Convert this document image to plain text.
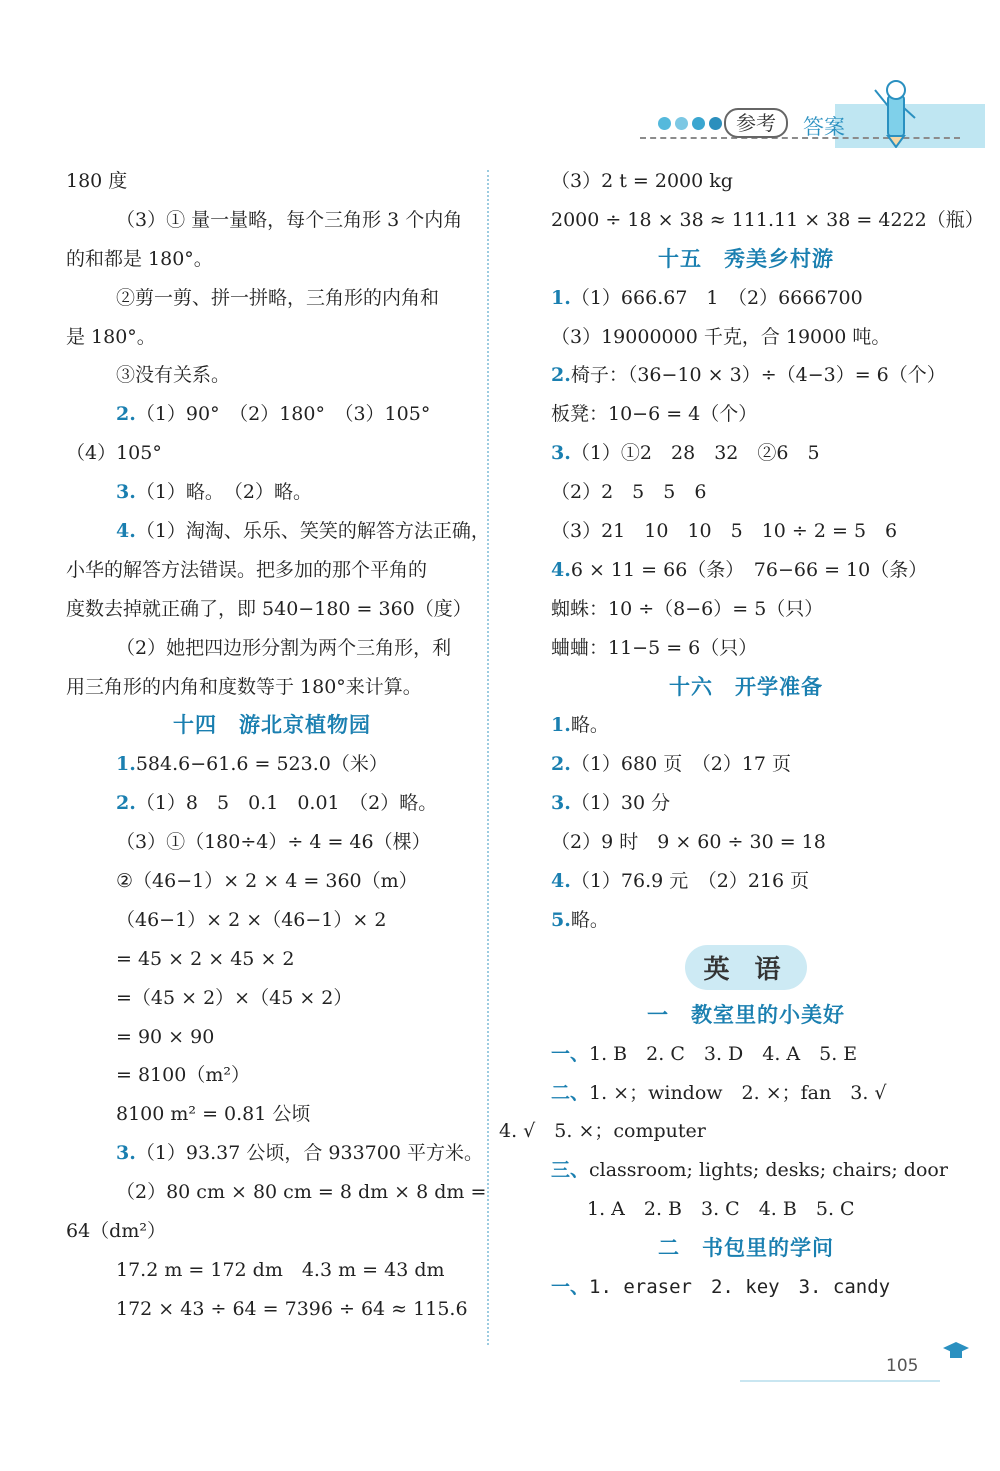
参考	答案
180 度
（3）① 量一量略，每个三角形 3 个内角
的和都是 180°。
②剪一剪、拼一拼略，三角形的内角和
是 180°。
③没有关系。
2.（1）90°　（2）180°　（3）105°
（4）105°
3.（1）略。　（2）略。
4.（1）淘淘、乐乐、笑笑的解答方法正确，
小华的解答方法错误。把多加的那个平角的
度数去掉就正确了，即 540−180 = 360（度）
（2）她把四边形分割为两个三角形，利
用三角形的内角和度数等于 180°来计算。
十四　游北京植物园
1.584.6−61.6 = 523.0（米）
2.（1）8　5　0.1　0.01　（2）略。
（3）①（180÷4）÷ 4 = 46（棵）
②（46−1）× 2 × 4 = 360（m）
（46−1）× 2 ×（46−1）× 2
= 45 × 2 × 45 × 2
=（45 × 2）×（45 × 2）
= 90 × 90
= 8100（m²）
8100 m² = 0.81 公顷
3.（1）93.37 公顷，合 933700 平方米。
（2）80 cm × 80 cm = 8 dm × 8 dm =
64（dm²）
17.2 m = 172 dm　4.3 m = 43 dm
172 × 43 ÷ 64 = 7396 ÷ 64 ≈ 115.6
（3）2 t = 2000 kg
2000 ÷ 18 × 38 ≈ 111.11 × 38 = 4222（瓶）
十五　秀美乡村游
1.（1）666.67　1　（2）6666700
（3）19000000 千克，合 19000 吨。
2.椅子：（36−10 × 3）÷（4−3）= 6（个）
板凳：10−6 = 4（个）
3.（1）①2　28　32　②6　5
（2）2　5　5　6
（3）21　10　10　5　10 ÷ 2 = 5　6
4.6 × 11 = 66（条）　76−66 = 10（条）
蜘蛛：10 ÷（8−6）= 5（只）
蛐蛐：11−5 = 6（只）
十六　开学准备
1.略。
2.（1）680 页　（2）17 页
3.（1）30 分
（2）9 时　9 × 60 ÷ 30 = 18
4.（1）76.9 元　（2）216 页
5.略。
英 语
一　教室里的小美好
一、1. B　2. C　3. D　4. A　5. E
二、1. ×；window　2. ×；fan　3. √
4. √　5. ×；computer
三、classroom; lights; desks; chairs; door
1. A　2. B　3. C　4. B　5. C
二　书包里的学问
一、1. eraser　2. key　3. candy
105
